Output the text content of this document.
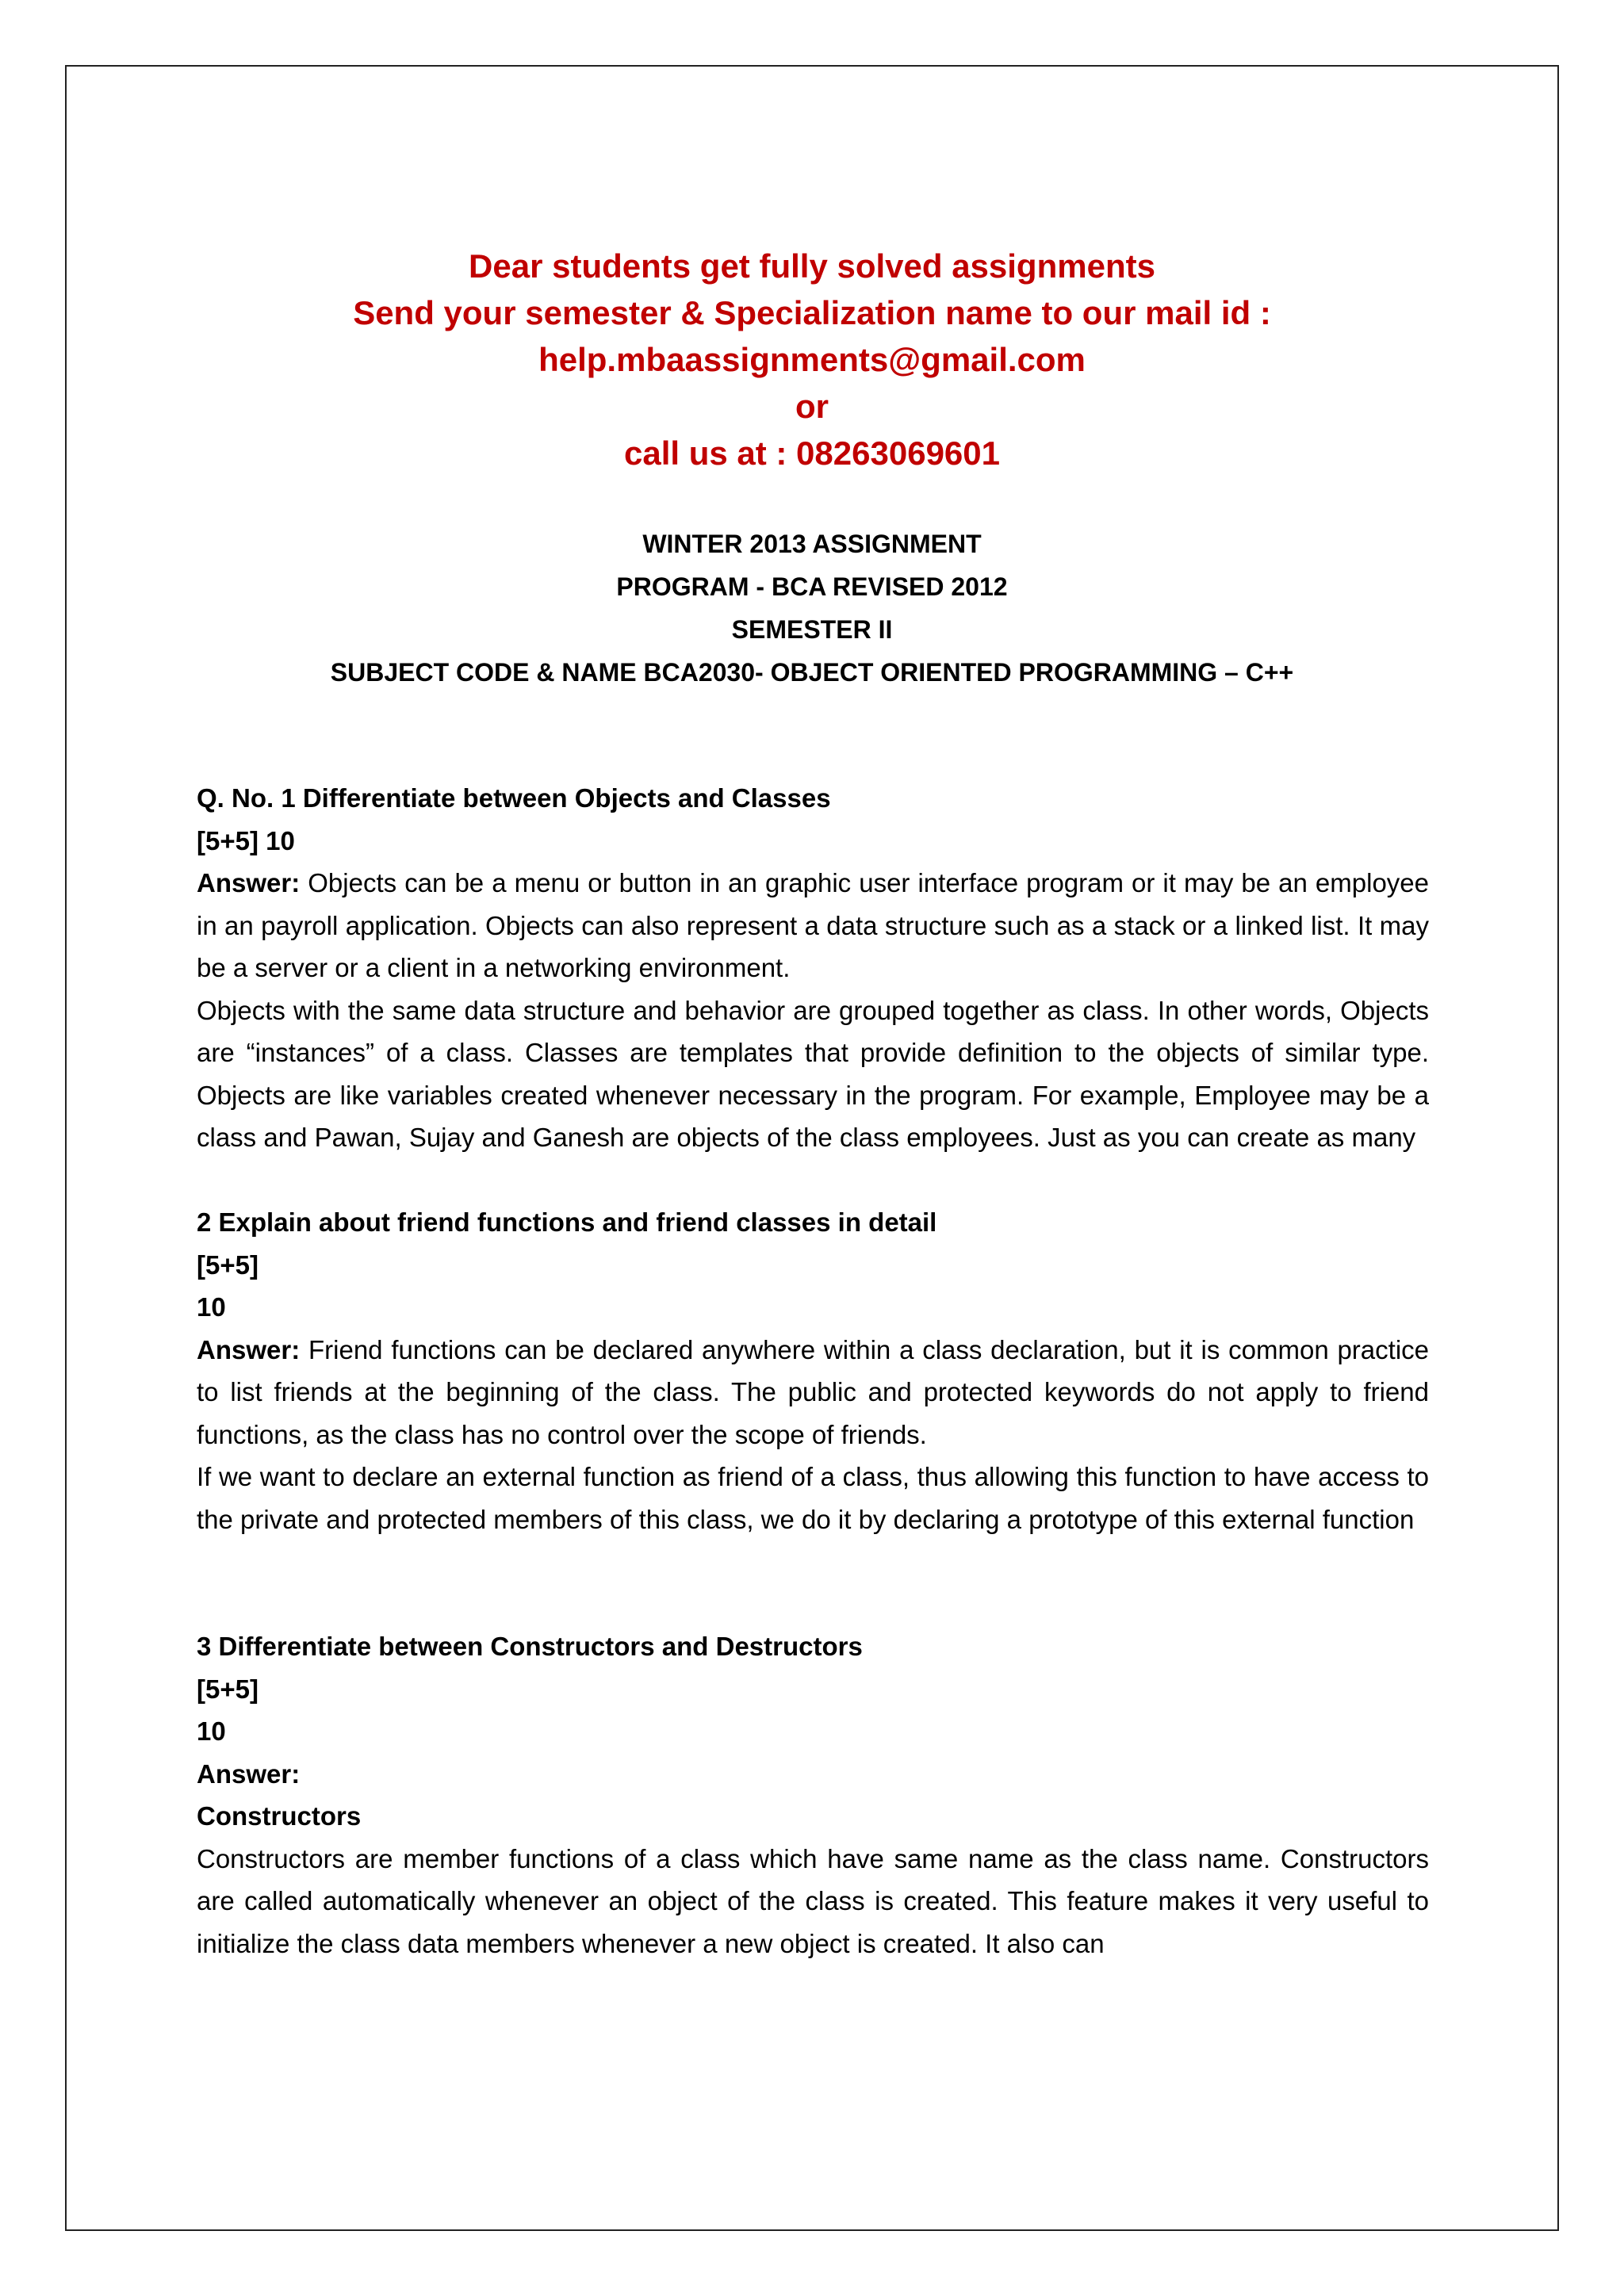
Dear students get fully solved assignments
Send your semester & Specialization name to our mail id :
help.mbaassignments@gmail.com
or
call us at : 08263069601
WINTER 2013 ASSIGNMENT
PROGRAM - BCA REVISED 2012
SEMESTER II
SUBJECT CODE & NAME BCA2030- OBJECT ORIENTED PROGRAMMING – C++

Q. No. 1 Differentiate between Objects and Classes

[5+5] 10

Answer: Objects can be a menu or button in an graphic user interface program or it may be an employee in an payroll application. Objects can also represent a data structure such as a stack or a linked list. It may be a server or a client in a networking environment.

Objects with the same data structure and behavior are grouped together as class. In other words, Objects are “instances” of a class. Classes are templates that provide definition to the objects of similar type. Objects are like variables created whenever necessary in the program. For example, Employee may be a class and Pawan, Sujay and Ganesh are objects of the class employees. Just as you can create as many

2 Explain about friend functions and friend classes in detail

[5+5]

10

Answer: Friend functions can be declared anywhere within a class declaration, but it is common practice to list friends at the beginning of the class. The public and protected keywords do not apply to friend functions, as the class has no control over the scope of friends.

If we want to declare an external function as friend of a class, thus allowing this function to have access to the private and protected members of this class, we do it by declaring a prototype of this external function

3 Differentiate between Constructors and Destructors

[5+5]

10

Answer:

Constructors

Constructors are member functions of a class which have same name as the class name. Constructors are called automatically whenever an object of the class is created. This feature makes it very useful to initialize the class data members whenever a new object is created. It also can
